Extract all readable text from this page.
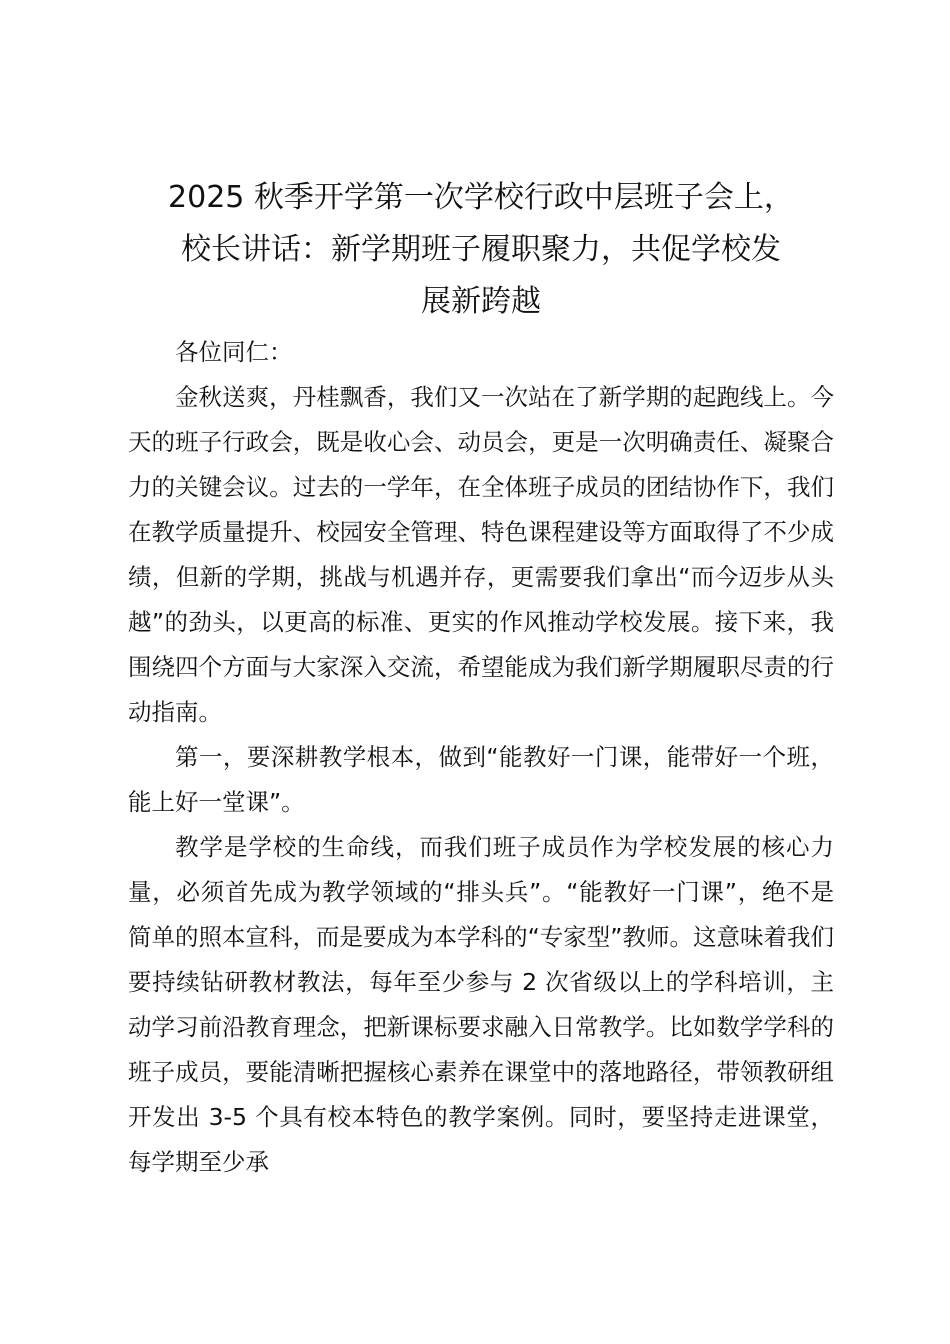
2025 秋季开学第一次学校行政中层班子会上，
校长讲话：新学期班子履职聚力，共促学校发
展新跨越

各位同仁：

金秋送爽，丹桂飘香，我们又一次站在了新学期的起跑线上。今天的班子行政会，既是收心会、动员会，更是一次明确责任、凝聚合力的关键会议。过去的一学年，在全体班子成员的团结协作下，我们在教学质量提升、校园安全管理、特色课程建设等方面取得了不少成绩，但新的学期，挑战与机遇并存，更需要我们拿出“而今迈步从头越”的劲头，以更高的标准、更实的作风推动学校发展。接下来，我围绕四个方面与大家深入交流，希望能成为我们新学期履职尽责的行动指南。

第一，要深耕教学根本，做到“能教好一门课，能带好一个班，能上好一堂课”。

教学是学校的生命线，而我们班子成员作为学校发展的核心力量，必须首先成为教学领域的“排头兵”。“能教好一门课”，绝不是简单的照本宣科，而是要成为本学科的“专家型”教师。这意味着我们要持续钻研教材教法，每年至少参与 2 次省级以上的学科培训，主动学习前沿教育理念，把新课标要求融入日常教学。比如数学学科的班子成员，要能清晰把握核心素养在课堂中的落地路径，带领教研组开发出 3-5 个具有校本特色的教学案例。同时，要坚持走进课堂，每学期至少承
